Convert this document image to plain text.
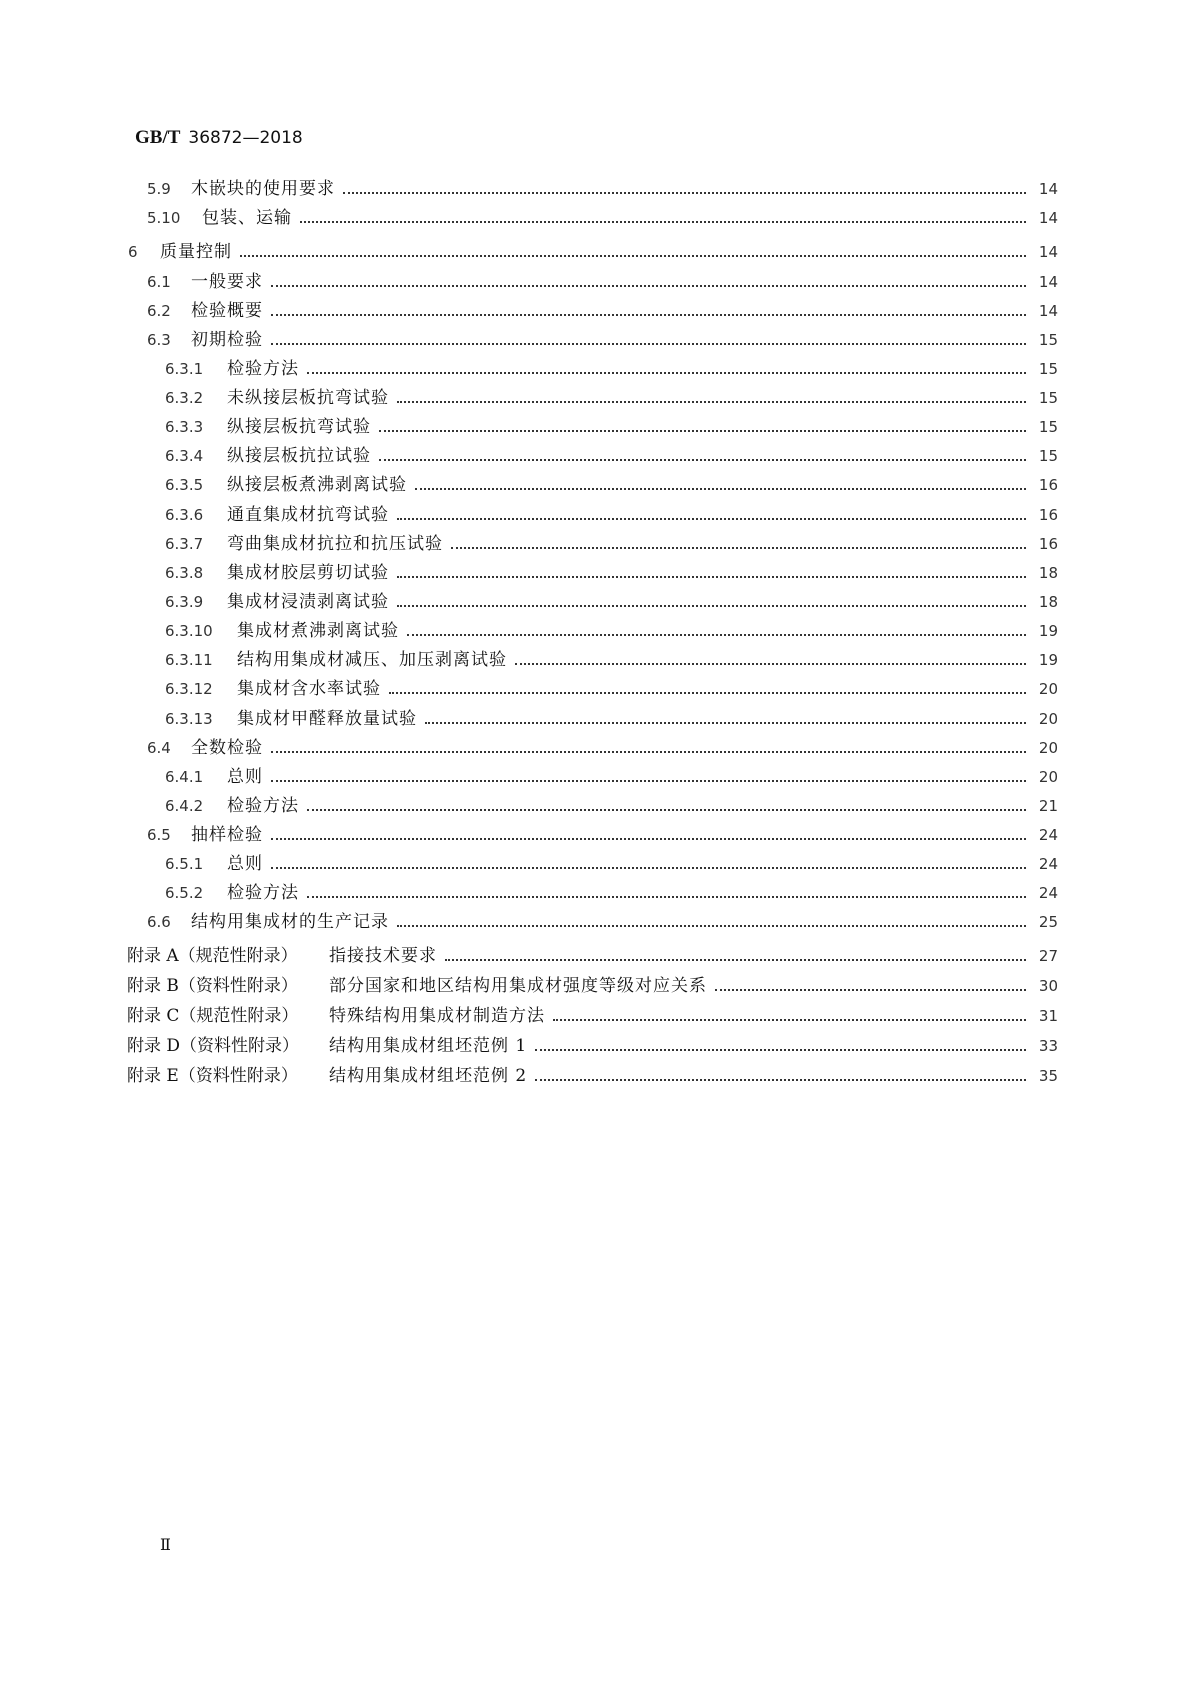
GB/T 36872—2018
5.9	木嵌块的使用要求	14
5.10	包装、运输	14
6	质量控制	14
6.1	一般要求	14
6.2	检验概要	14
6.3	初期检验	15
6.3.1	检验方法	15
6.3.2	未纵接层板抗弯试验	15
6.3.3	纵接层板抗弯试验	15
6.3.4	纵接层板抗拉试验	15
6.3.5	纵接层板煮沸剥离试验	16
6.3.6	通直集成材抗弯试验	16
6.3.7	弯曲集成材抗拉和抗压试验	16
6.3.8	集成材胶层剪切试验	18
6.3.9	集成材浸渍剥离试验	18
6.3.10	集成材煮沸剥离试验	19
6.3.11	结构用集成材减压、加压剥离试验	19
6.3.12	集成材含水率试验	20
6.3.13	集成材甲醛释放量试验	20
6.4	全数检验	20
6.4.1	总则	20
6.4.2	检验方法	21
6.5	抽样检验	24
6.5.1	总则	24
6.5.2	检验方法	24
6.6	结构用集成材的生产记录	25
附录 A（规范性附录）	指接技术要求	27
附录 B（资料性附录）	部分国家和地区结构用集成材强度等级对应关系	30
附录 C（规范性附录）	特殊结构用集成材制造方法	31
附录 D（资料性附录）	结构用集成材组坯范例 1	33
附录 E（资料性附录）	结构用集成材组坯范例 2	35
Ⅱ
